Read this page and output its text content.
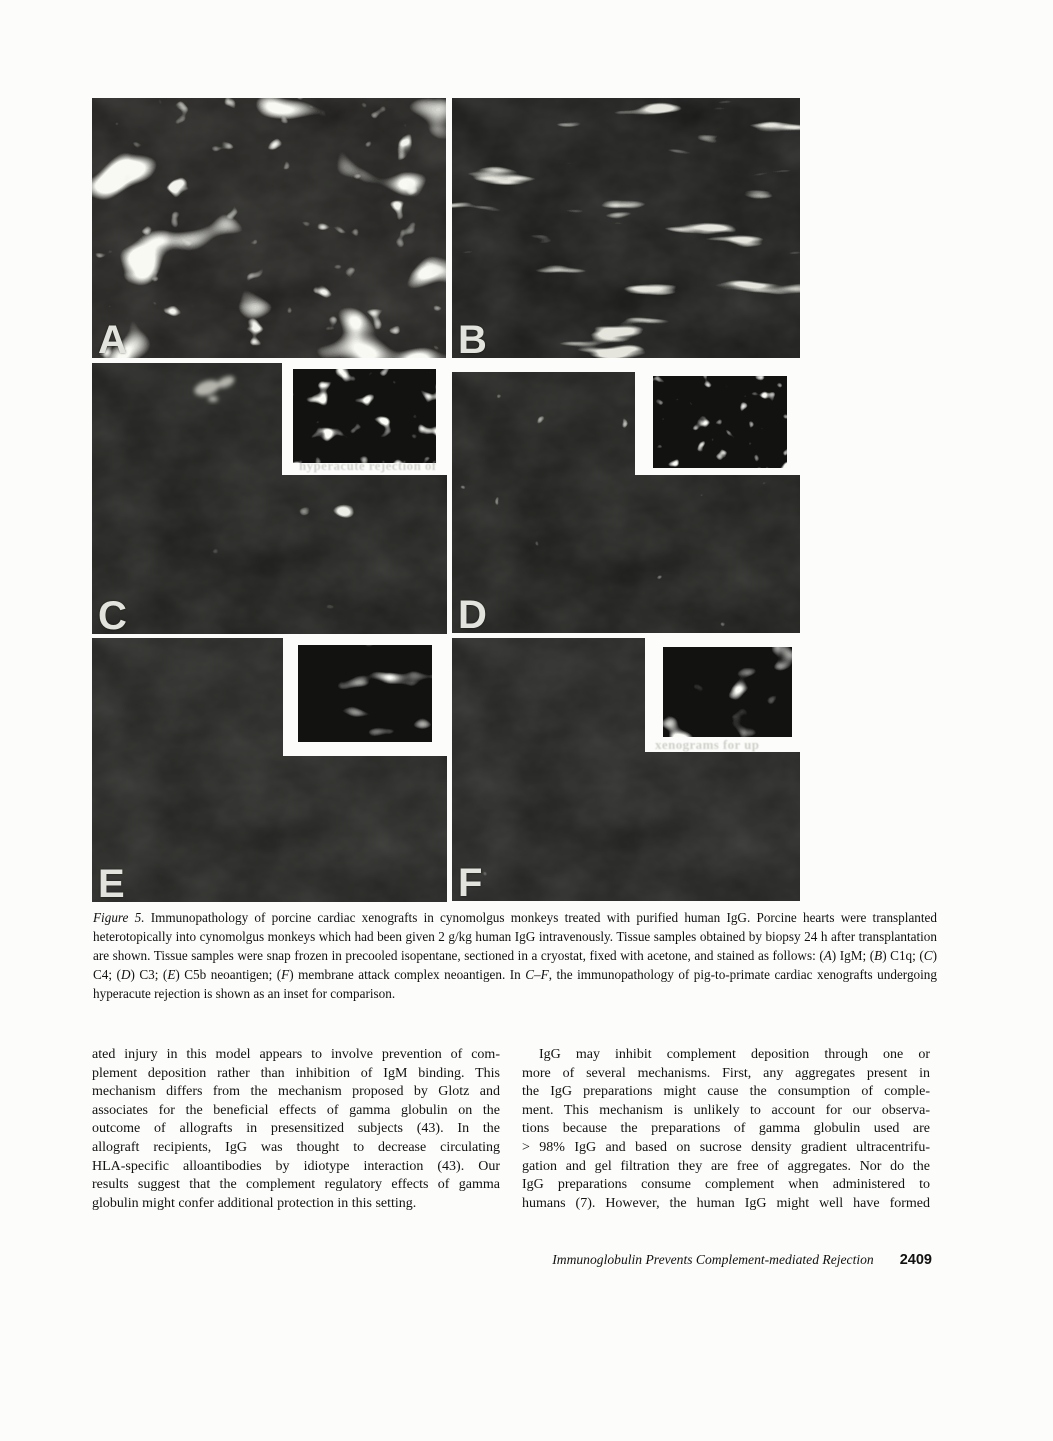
A	B
C	D
E	F
hyperacute rejection of
xenograms for up

Figure 5. Immunopathology of porcine cardiac xenografts in cynomolgus monkeys treated with purified human IgG. Porcine hearts were transplanted heterotopically into cynomolgus monkeys which had been given 2 g/kg human IgG intravenously. Tissue samples obtained by biopsy 24 h after transplantation are shown. Tissue samples were snap frozen in precooled isopentane, sectioned in a cryostat, fixed with acetone, and stained as follows: (A) IgM; (B) C1q; (C) C4; (D) C3; (E) C5b neoantigen; (F) membrane attack complex neoantigen. In C–F, the immunopathology of pig-to-primate cardiac xenografts undergoing hyperacute rejection is shown as an inset for comparison.

ated injury in this model appears to involve prevention of com-
plement deposition rather than inhibition of IgM binding. This
mechanism differs from the mechanism proposed by Glotz and
associates for the beneficial effects of gamma globulin on the
outcome of allografts in presensitized subjects (43). In the
allograft recipients, IgG was thought to decrease circulating
HLA-specific alloantibodies by idiotype interaction (43). Our
results suggest that the complement regulatory effects of gamma
globulin might confer additional protection in this setting.
IgG may inhibit complement deposition through one or
more of several mechanisms. First, any aggregates present in
the IgG preparations might cause the consumption of comple-
ment. This mechanism is unlikely to account for our observa-
tions because the preparations of gamma globulin used are
> 98% IgG and based on sucrose density gradient ultracentrifu-
gation and gel filtration they are free of aggregates. Nor do the
IgG preparations consume complement when administered to
humans (7). However, the human IgG might well have formed
Immunoglobulin Prevents Complement-mediated Rejection 2409
